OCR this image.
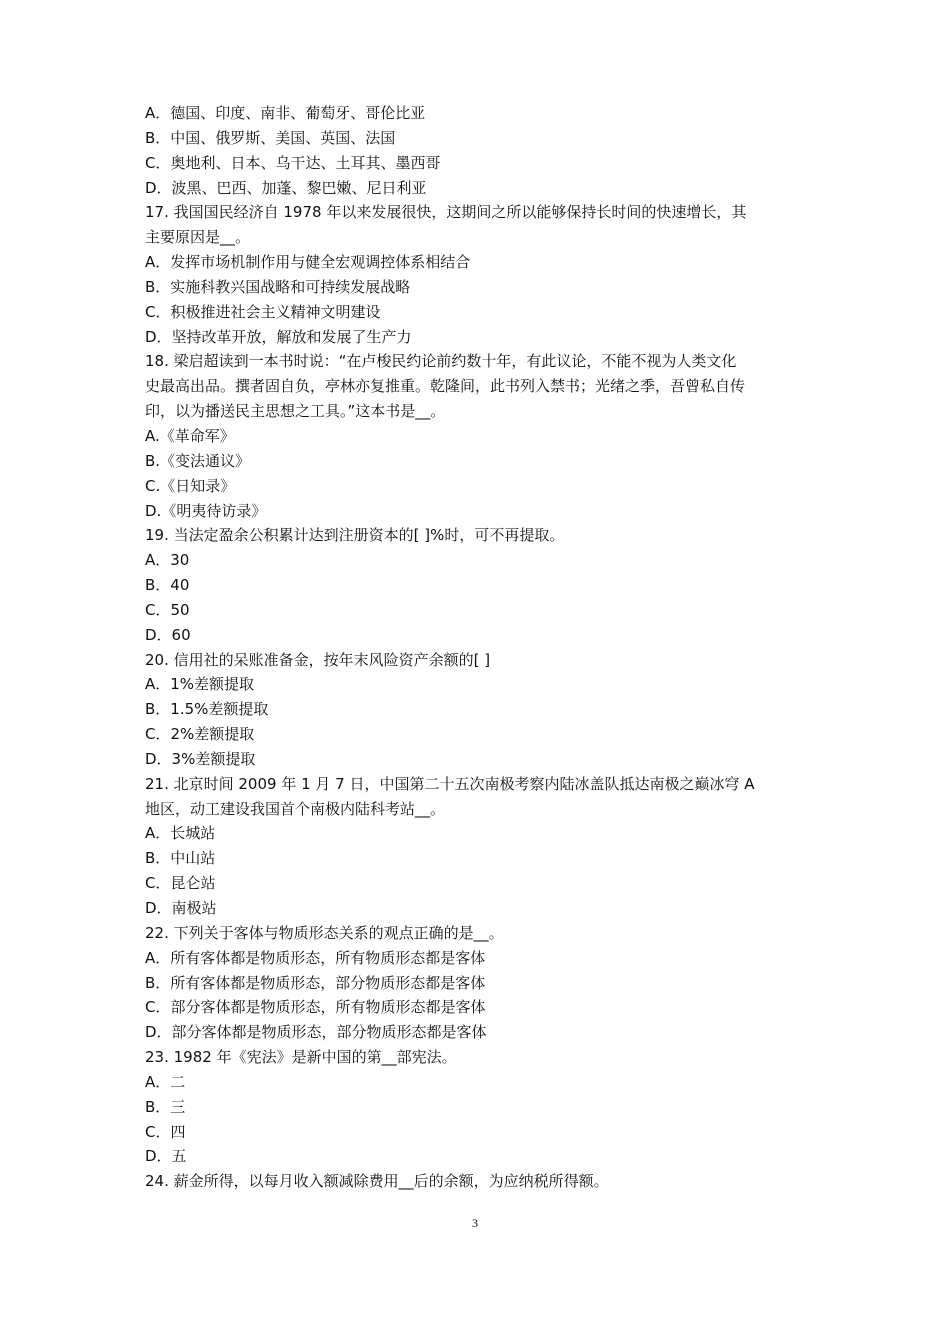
A．德国、印度、南非、葡萄牙、哥伦比亚
B．中国、俄罗斯、美国、英国、法国
C．奥地利、日本、乌干达、土耳其、墨西哥
D．波黑、巴西、加蓬、黎巴嫩、尼日利亚
17. 我国国民经济自 1978 年以来发展很快，这期间之所以能够保持长时间的快速增长，其
主要原因是__。
A．发挥市场机制作用与健全宏观调控体系相结合
B．实施科教兴国战略和可持续发展战略
C．积极推进社会主义精神文明建设
D．坚持改革开放，解放和发展了生产力
18. 梁启超读到一本书时说：“在卢梭民约论前约数十年，有此议论，不能不视为人类文化
史最高出品。撰者固自负，亭林亦复推重。乾隆间，此书列入禁书；光绪之季，吾曾私自传
印，以为播送民主思想之工具。”这本书是__。
A.《革命军》
B.《变法通议》
C.《日知录》
D.《明夷待访录》
19. 当法定盈余公积累计达到注册资本的[ ]%时，可不再提取。
A．30
B．40
C．50
D．60
20. 信用社的呆账准备金，按年末风险资产余额的[ ]
A．1%差额提取
B．1.5%差额提取
C．2%差额提取
D．3%差额提取
21. 北京时间 2009 年 1 月 7 日，中国第二十五次南极考察内陆冰盖队抵达南极之巅冰穹 A
地区，动工建设我国首个南极内陆科考站__。
A．长城站
B．中山站
C．昆仑站
D．南极站
22. 下列关于客体与物质形态关系的观点正确的是__。
A．所有客体都是物质形态，所有物质形态都是客体
B．所有客体都是物质形态，部分物质形态都是客体
C．部分客体都是物质形态，所有物质形态都是客体
D．部分客体都是物质形态，部分物质形态都是客体
23. 1982 年《宪法》是新中国的第__部宪法。
A．二
B．三
C．四
D．五
24. 薪金所得，以每月收入额减除费用__后的余额，为应纳税所得额。
3
